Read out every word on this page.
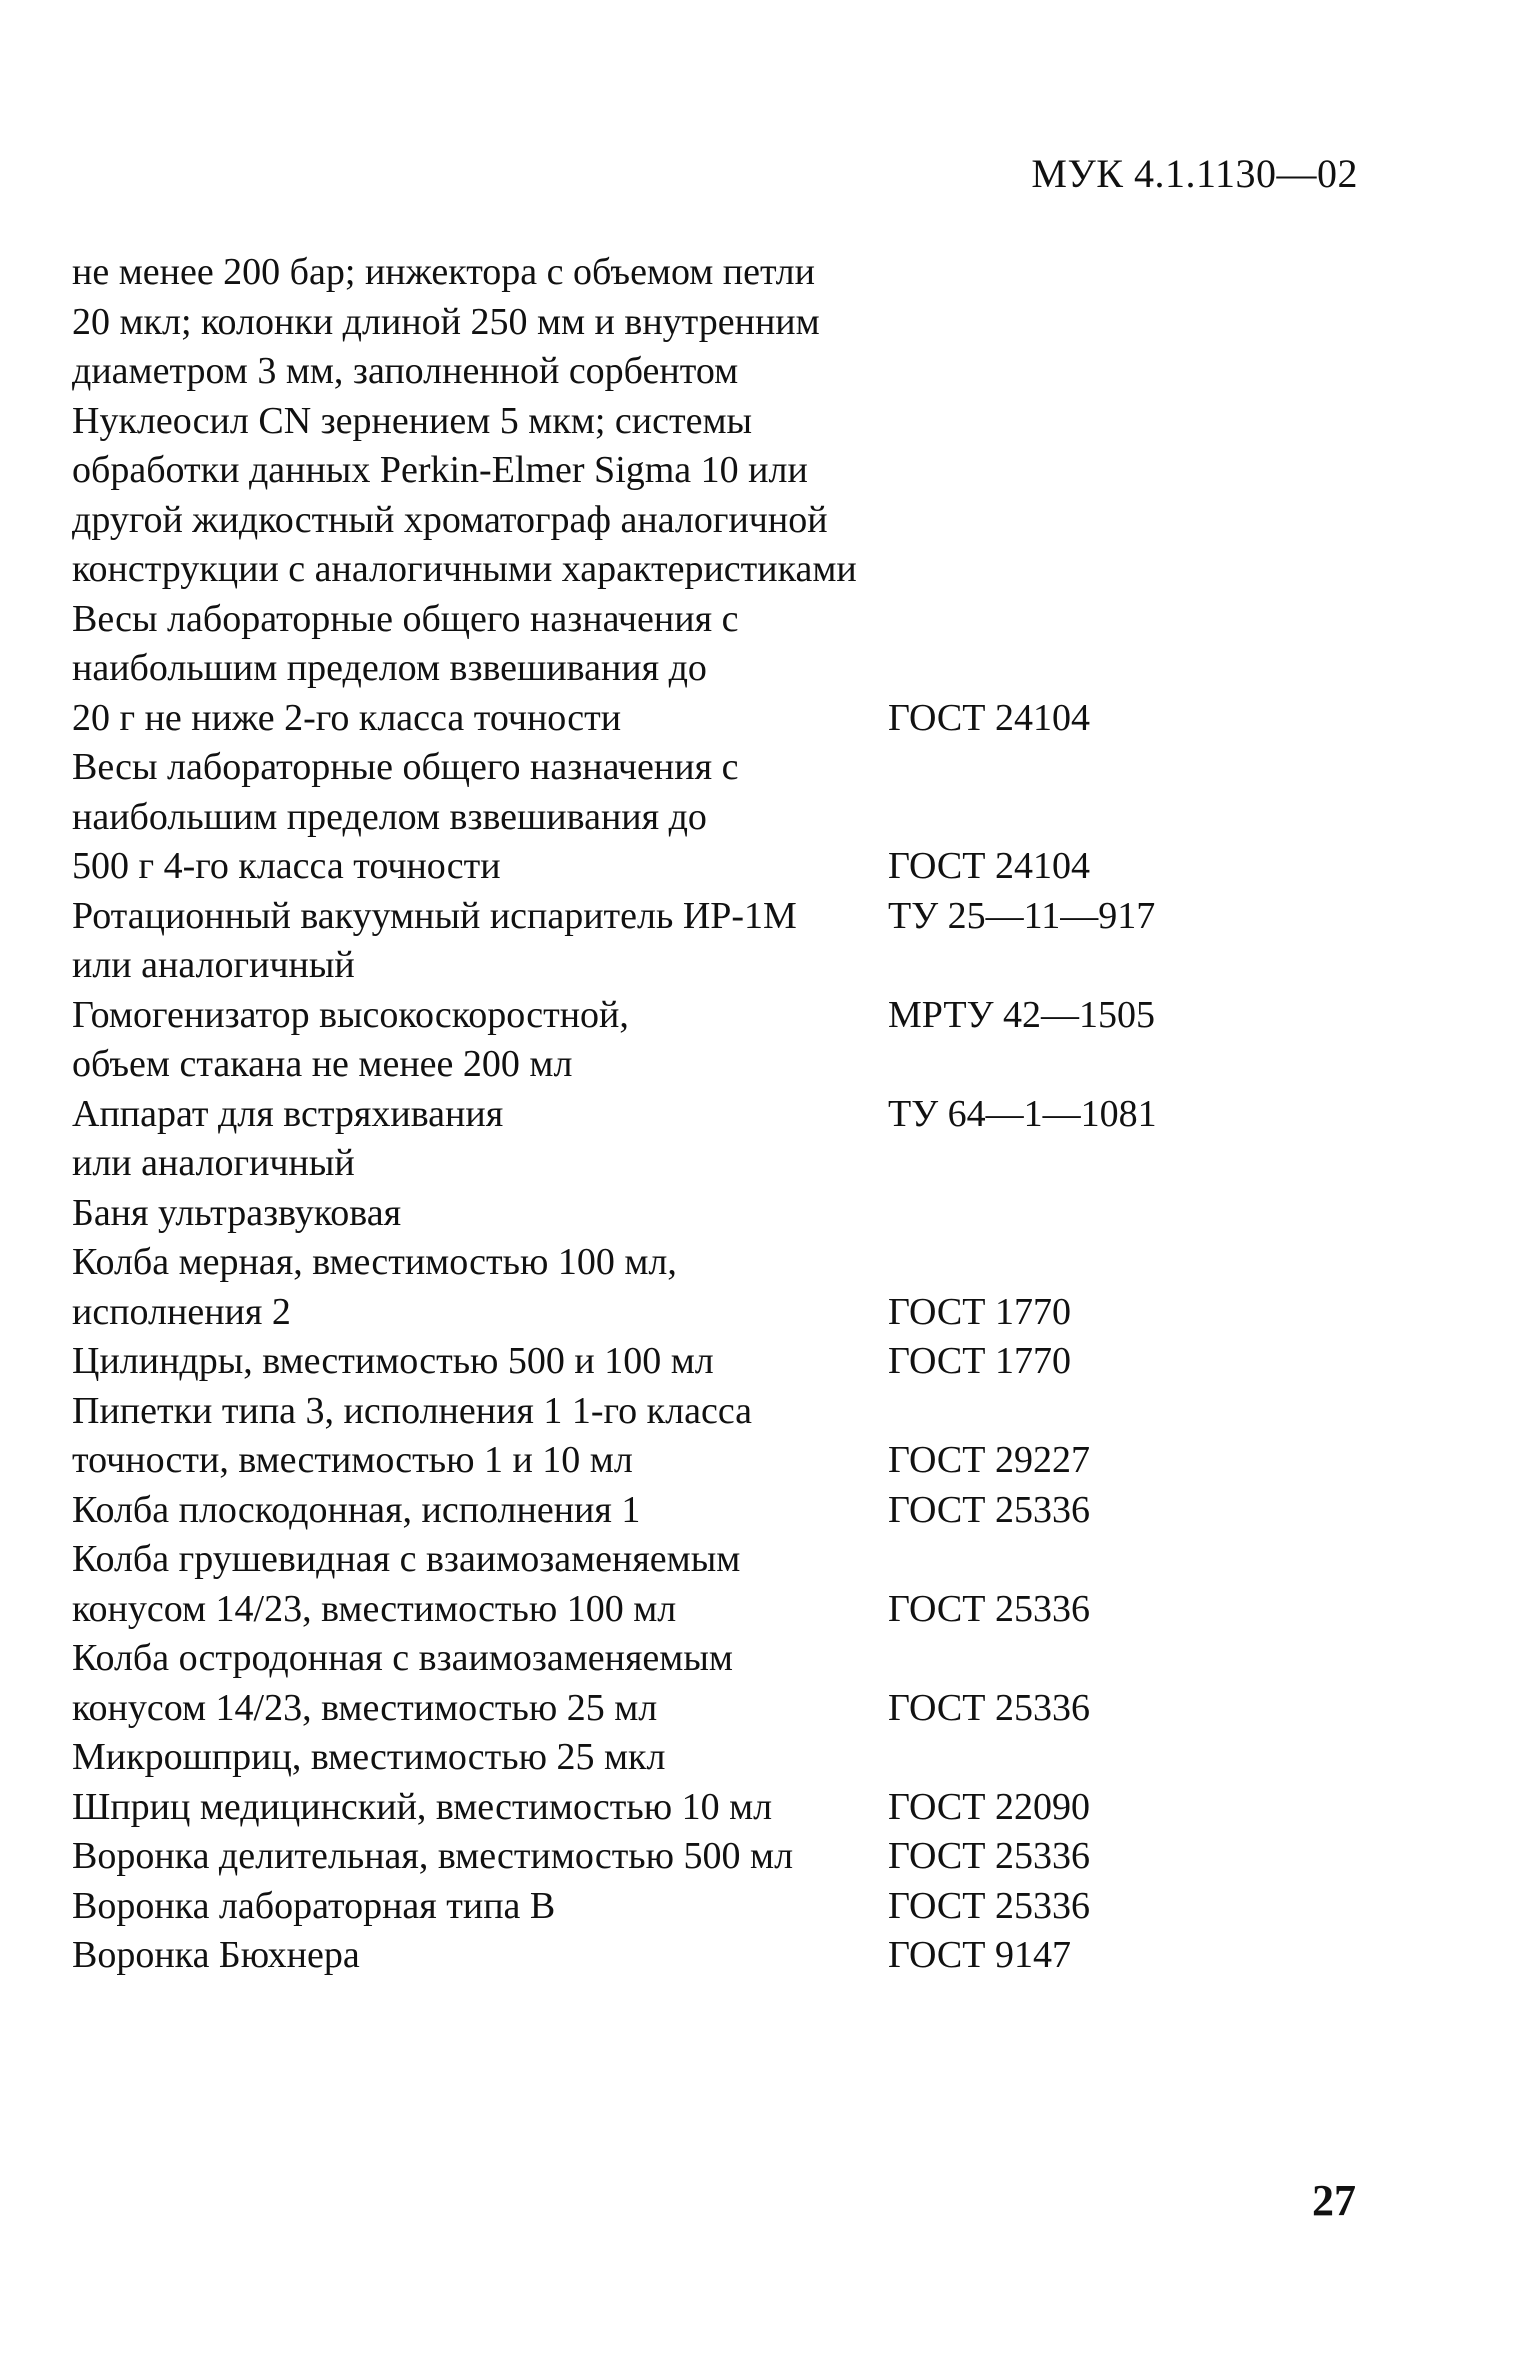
МУК 4.1.1130—02
не менее 200 бар; инжектора с объемом петли
20 мкл; колонки длиной 250 мм и внутренним
диаметром 3 мм, заполненной сорбентом
Нуклеосил CN зернением 5 мкм; системы
обработки данных Perkin-Elmer Sigma 10 или
другой жидкостный хроматограф аналогичной
конструкции с аналогичными характеристиками
Весы лабораторные общего назначения с
наибольшим пределом взвешивания до
20 г не ниже 2-го класса точности	ГОСТ 24104
Весы лабораторные общего назначения с
наибольшим пределом взвешивания до
500 г 4-го класса точности	ГОСТ 24104
Ротационный вакуумный испаритель ИР-1М	ТУ 25—11—917
или аналогичный
Гомогенизатор высокоскоростной,	МРТУ 42—1505
объем стакана не менее 200 мл
Аппарат для встряхивания	ТУ 64—1—1081
или аналогичный
Баня ультразвуковая
Колба мерная, вместимостью 100 мл,
исполнения 2	ГОСТ 1770
Цилиндры, вместимостью 500 и 100 мл	ГОСТ 1770
Пипетки типа 3, исполнения 1 1-го класса
точности, вместимостью 1 и 10 мл	ГОСТ 29227
Колба плоскодонная, исполнения 1	ГОСТ 25336
Колба грушевидная с взаимозаменяемым
конусом 14/23, вместимостью 100 мл	ГОСТ 25336
Колба остродонная с взаимозаменяемым
конусом 14/23, вместимостью 25 мл	ГОСТ 25336
Микрошприц, вместимостью 25 мкл
Шприц медицинский, вместимостью 10 мл	ГОСТ 22090
Воронка делительная, вместимостью 500 мл	ГОСТ 25336
Воронка лабораторная типа В	ГОСТ 25336
Воронка Бюхнера	ГОСТ 9147
27
